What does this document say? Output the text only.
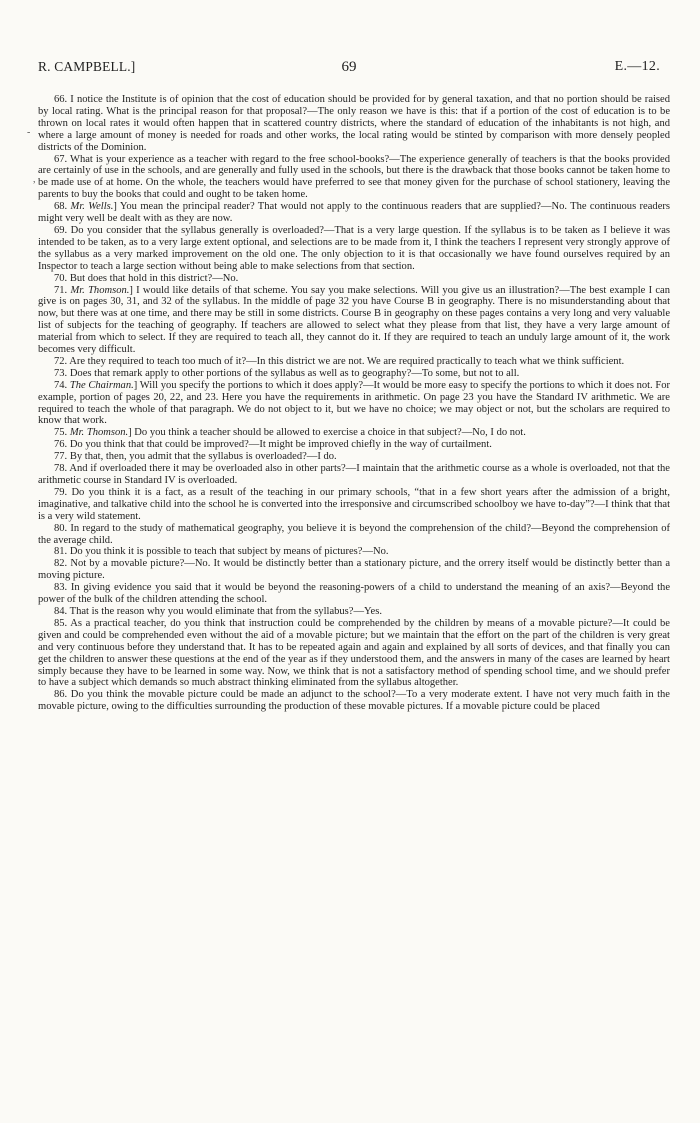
R. CAMPBELL.]	69	E.—12.
-
,

66. I notice the Institute is of opinion that the cost of education should be provided for by general taxation, and that no portion should be raised by local rating. What is the principal reason for that proposal?—The only reason we have is this: that if a portion of the cost of education is to be thrown on local rates it would often happen that in scattered country districts, where the standard of education of the inhabitants is not high, and where a large amount of money is needed for roads and other works, the local rating would be stinted by comparison with more densely peopled districts of the Dominion.

67. What is your experience as a teacher with regard to the free school-books?—The experience generally of teachers is that the books provided are certainly of use in the schools, and are generally and fully used in the schools, but there is the drawback that those books cannot be taken home to be made use of at home. On the whole, the teachers would have preferred to see that money given for the purchase of school stationery, leaving the parents to buy the books that could and ought to be taken home.

68. Mr. Wells.] You mean the principal reader? That would not apply to the continuous readers that are supplied?—No. The continuous readers might very well be dealt with as they are now.

69. Do you consider that the syllabus generally is overloaded?—That is a very large question. If the syllabus is to be taken as I believe it was intended to be taken, as to a very large extent optional, and selections are to be made from it, I think the teachers I represent very strongly approve of the syllabus as a very marked improvement on the old one. The only objection to it is that occasionally we have found ourselves required by an Inspector to teach a large section without being able to make selections from that section.

70. But does that hold in this district?—No.

71. Mr. Thomson.] I would like details of that scheme. You say you make selections. Will you give us an illustration?—The best example I can give is on pages 30, 31, and 32 of the syllabus. In the middle of page 32 you have Course B in geography. There is no misunderstanding about that now, but there was at one time, and there may be still in some districts. Course B in geography on these pages contains a very long and very valuable list of subjects for the teaching of geography. If teachers are allowed to select what they please from that list, they have a very large amount of material from which to select. If they are required to teach all, they cannot do it. If they are required to teach an unduly large amount of it, the work becomes very difficult.

72. Are they required to teach too much of it?—In this district we are not. We are required practically to teach what we think sufficient.

73. Does that remark apply to other portions of the syllabus as well as to geography?—To some, but not to all.

74. The Chairman.] Will you specify the portions to which it does apply?—It would be more easy to specify the portions to which it does not. For example, portion of pages 20, 22, and 23. Here you have the requirements in arithmetic. On page 23 you have the Standard IV arithmetic. We are required to teach the whole of that paragraph. We do not object to it, but we have no choice; we may object or not, but the scholars are required to know that work.

75. Mr. Thomson.] Do you think a teacher should be allowed to exercise a choice in that subject?—No, I do not.

76. Do you think that that could be improved?—It might be improved chiefly in the way of curtailment.

77. By that, then, you admit that the syllabus is overloaded?—I do.

78. And if overloaded there it may be overloaded also in other parts?—I maintain that the arithmetic course as a whole is overloaded, not that the arithmetic course in Standard IV is overloaded.

79. Do you think it is a fact, as a result of the teaching in our primary schools, “that in a few short years after the admission of a bright, imaginative, and talkative child into the school he is converted into the irresponsive and circumscribed schoolboy we have to-day”?—I think that that is a very wild statement.

80. In regard to the study of mathematical geography, you believe it is beyond the comprehension of the child?—Beyond the comprehension of the average child.

81. Do you think it is possible to teach that subject by means of pictures?—No.

82. Not by a movable picture?—No. It would be distinctly better than a stationary picture, and the orrery itself would be distinctly better than a moving picture.

83. In giving evidence you said that it would be beyond the reasoning-powers of a child to understand the meaning of an axis?—Beyond the power of the bulk of the children attending the school.

84. That is the reason why you would eliminate that from the syllabus?—Yes.

85. As a practical teacher, do you think that instruction could be comprehended by the children by means of a movable picture?—It could be given and could be comprehended even without the aid of a movable picture; but we maintain that the effort on the part of the children is very great and very continuous before they understand that. It has to be repeated again and again and explained by all sorts of devices, and that finally you can get the children to answer these questions at the end of the year as if they understood them, and the answers in many of the cases are learned by heart simply because they have to be learned in some way. Now, we think that is not a satisfactory method of spending school time, and we should prefer to have a subject which demands so much abstract thinking eliminated from the syllabus altogether.

86. Do you think the movable picture could be made an adjunct to the school?—To a very moderate extent. I have not very much faith in the movable picture, owing to the difficulties surrounding the production of these movable pictures. If a movable picture could be placed
